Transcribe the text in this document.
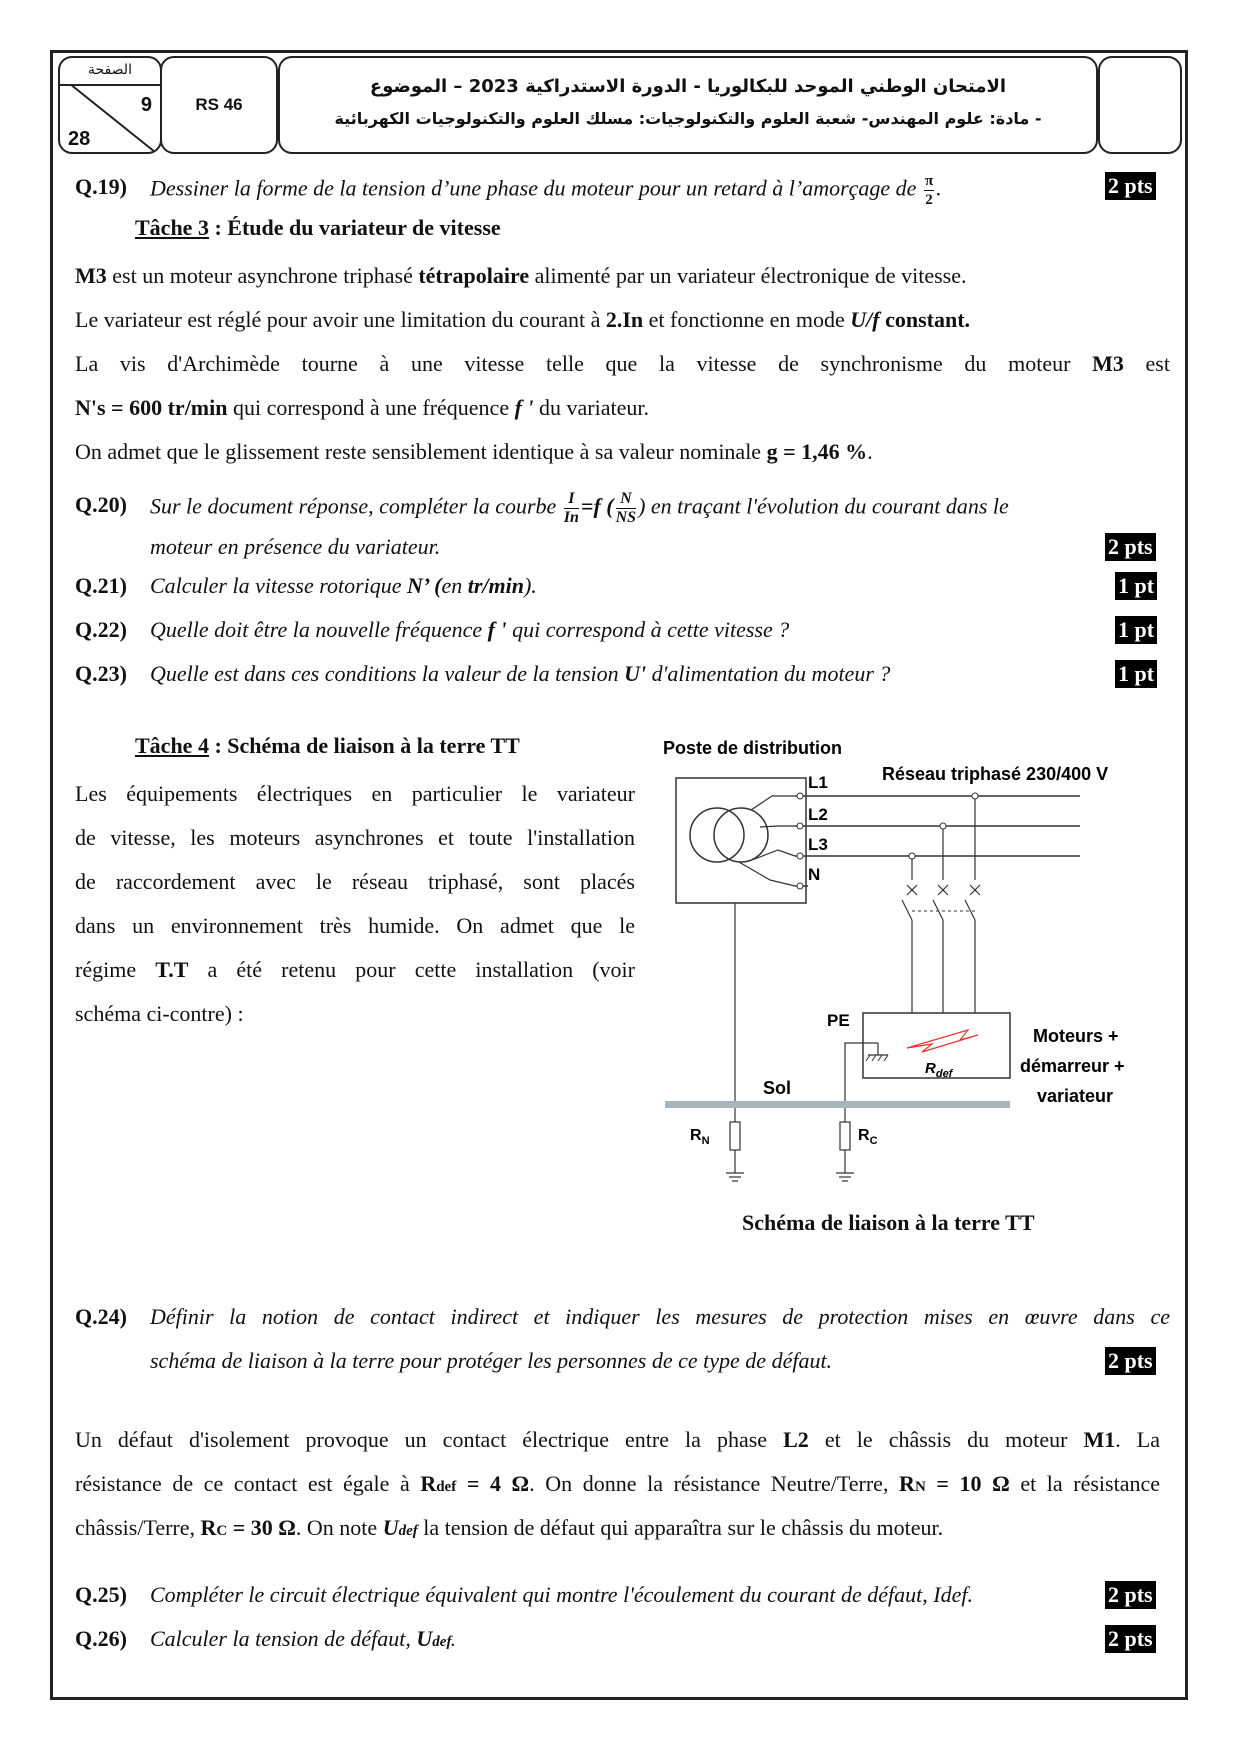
الصفحة
9
28
RS 46
الامتحان الوطني الموحد للبكالوريا - الدورة الاستدراكية 2023 – الموضوع
- مادة: علوم المهندس- شعبة العلوم والتكنولوجيات: مسلك العلوم والتكنولوجيات الكهربائية
Q.19) Dessiner la forme de la tension d’une phase du moteur pour un retard à l’amorçage de $\frac{\pi}{2}$ .	2 pts
Tâche 3 : Étude du variateur de vitesse
M3 est un moteur asynchrone triphasé tétrapolaire alimenté par un variateur électronique de vitesse.
Le variateur est réglé pour avoir une limitation du courant à 2.In et fonctionne en mode U/f constant.
La vis d'Archimède tourne à une vitesse telle que la vitesse de synchronisme du moteur M3 est
N's = 600 tr/min qui correspond à une fréquence f ' du variateur.
On admet que le glissement reste sensiblement identique à sa valeur nominale g = 1,46 %.
Q.20) Sur le document réponse, compléter la courbe $\frac{I}{In} =f$ ( $\frac{N}{NS}$ ) en traçant l'évolution du courant dans le
moteur en présence du variateur.	2 pts
Q.21) Calculer la vitesse rotorique N’ (en tr/min).	1 pt
Q.22) Quelle doit être la nouvelle fréquence f ' qui correspond à cette vitesse ?	1 pt
Q.23) Quelle est dans ces conditions la valeur de la tension U' d'alimentation du moteur ?	1 pt
Tâche 4 : Schéma de liaison à la terre TT
Les équipements électriques en particulier le variateur
de vitesse, les moteurs asynchrones et toute l'installation
de raccordement avec le réseau triphasé, sont placés
dans un environnement très humide. On admet que le
régime T.T a été retenu pour cette installation (voir
schéma ci-contre) :
Poste de distribution
Réseau triphasé 230/400 V
L1
L2
L3
N
$R_{def}$
PE
Moteurs +
démarreur +
variateur
Sol
$R_N$	$R_C$
Schéma de liaison à la terre TT
Q.24) Définir la notion de contact indirect et indiquer les mesures de protection mises en œuvre dans ce
schéma de liaison à la terre pour protéger les personnes de ce type de défaut.	2 pts
Un défaut d'isolement provoque un contact électrique entre la phase L2 et le châssis du moteur M1. La
résistance de ce contact est égale à Rdef = 4 Ω. On donne la résistance Neutre/Terre, RN = 10 Ω et la résistance
châssis/Terre, RC = 30 Ω. On note Udef la tension de défaut qui apparaîtra sur le châssis du moteur.
Q.25) Compléter le circuit électrique équivalent qui montre l'écoulement du courant de défaut, Idef.	2 pts
Q.26) Calculer la tension de défaut, Udef.	2 pts
